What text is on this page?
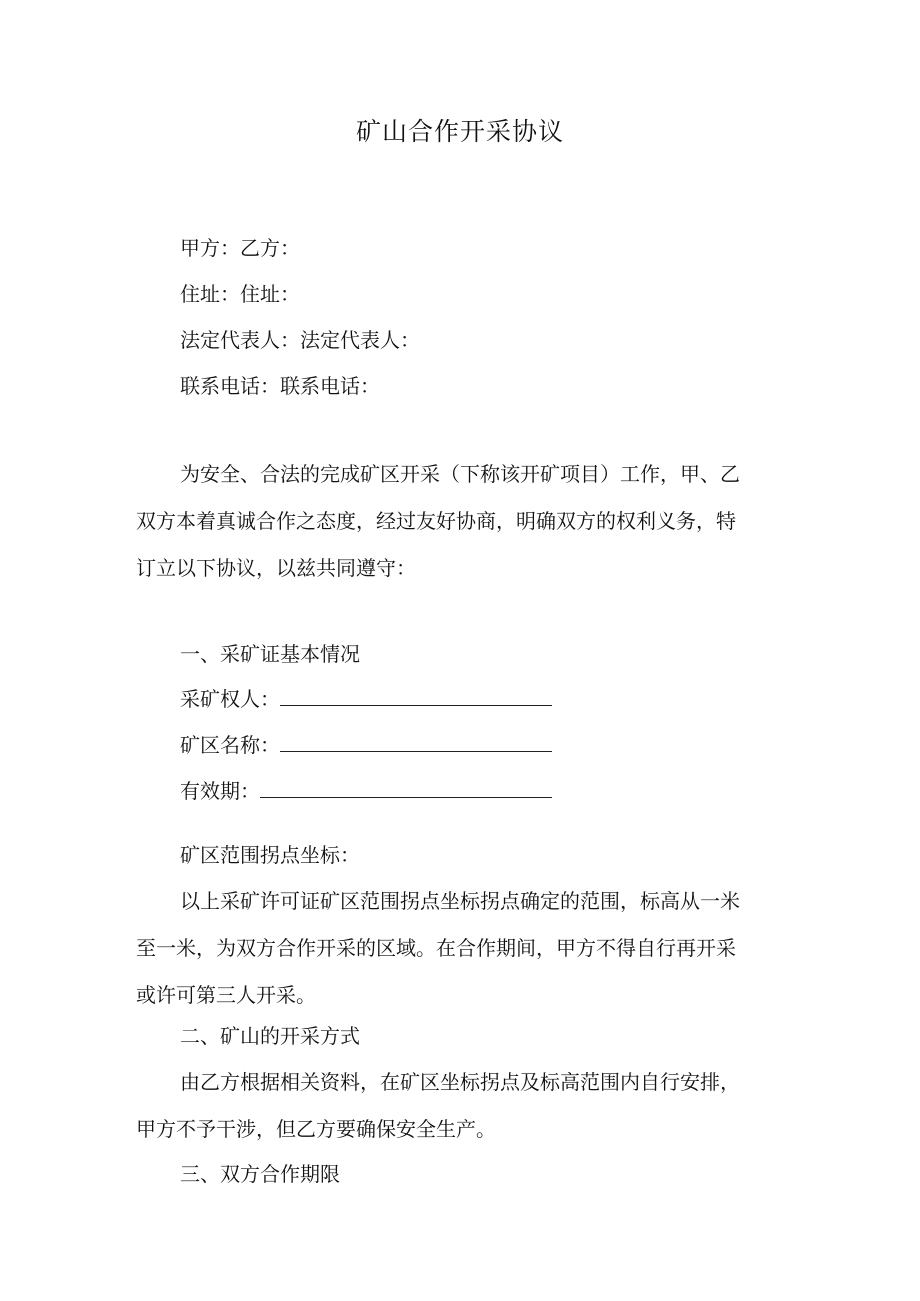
矿山合作开采协议
甲方：乙方：
住址：住址：
法定代表人：法定代表人：
联系电话：联系电话：
为安全、合法的完成矿区开采（下称该开矿项目）工作，甲、乙
双方本着真诚合作之态度，经过友好协商，明确双方的权利义务，特
订立以下协议，以兹共同遵守：
一、采矿证基本情况
采矿权人：
矿区名称：
有效期：
矿区范围拐点坐标：
以上采矿许可证矿区范围拐点坐标拐点确定的范围，标高从一米
至一米，为双方合作开采的区域。在合作期间，甲方不得自行再开采
或许可第三人开采。
二、矿山的开采方式
由乙方根据相关资料，在矿区坐标拐点及标高范围内自行安排，
甲方不予干涉，但乙方要确保安全生产。
三、双方合作期限
